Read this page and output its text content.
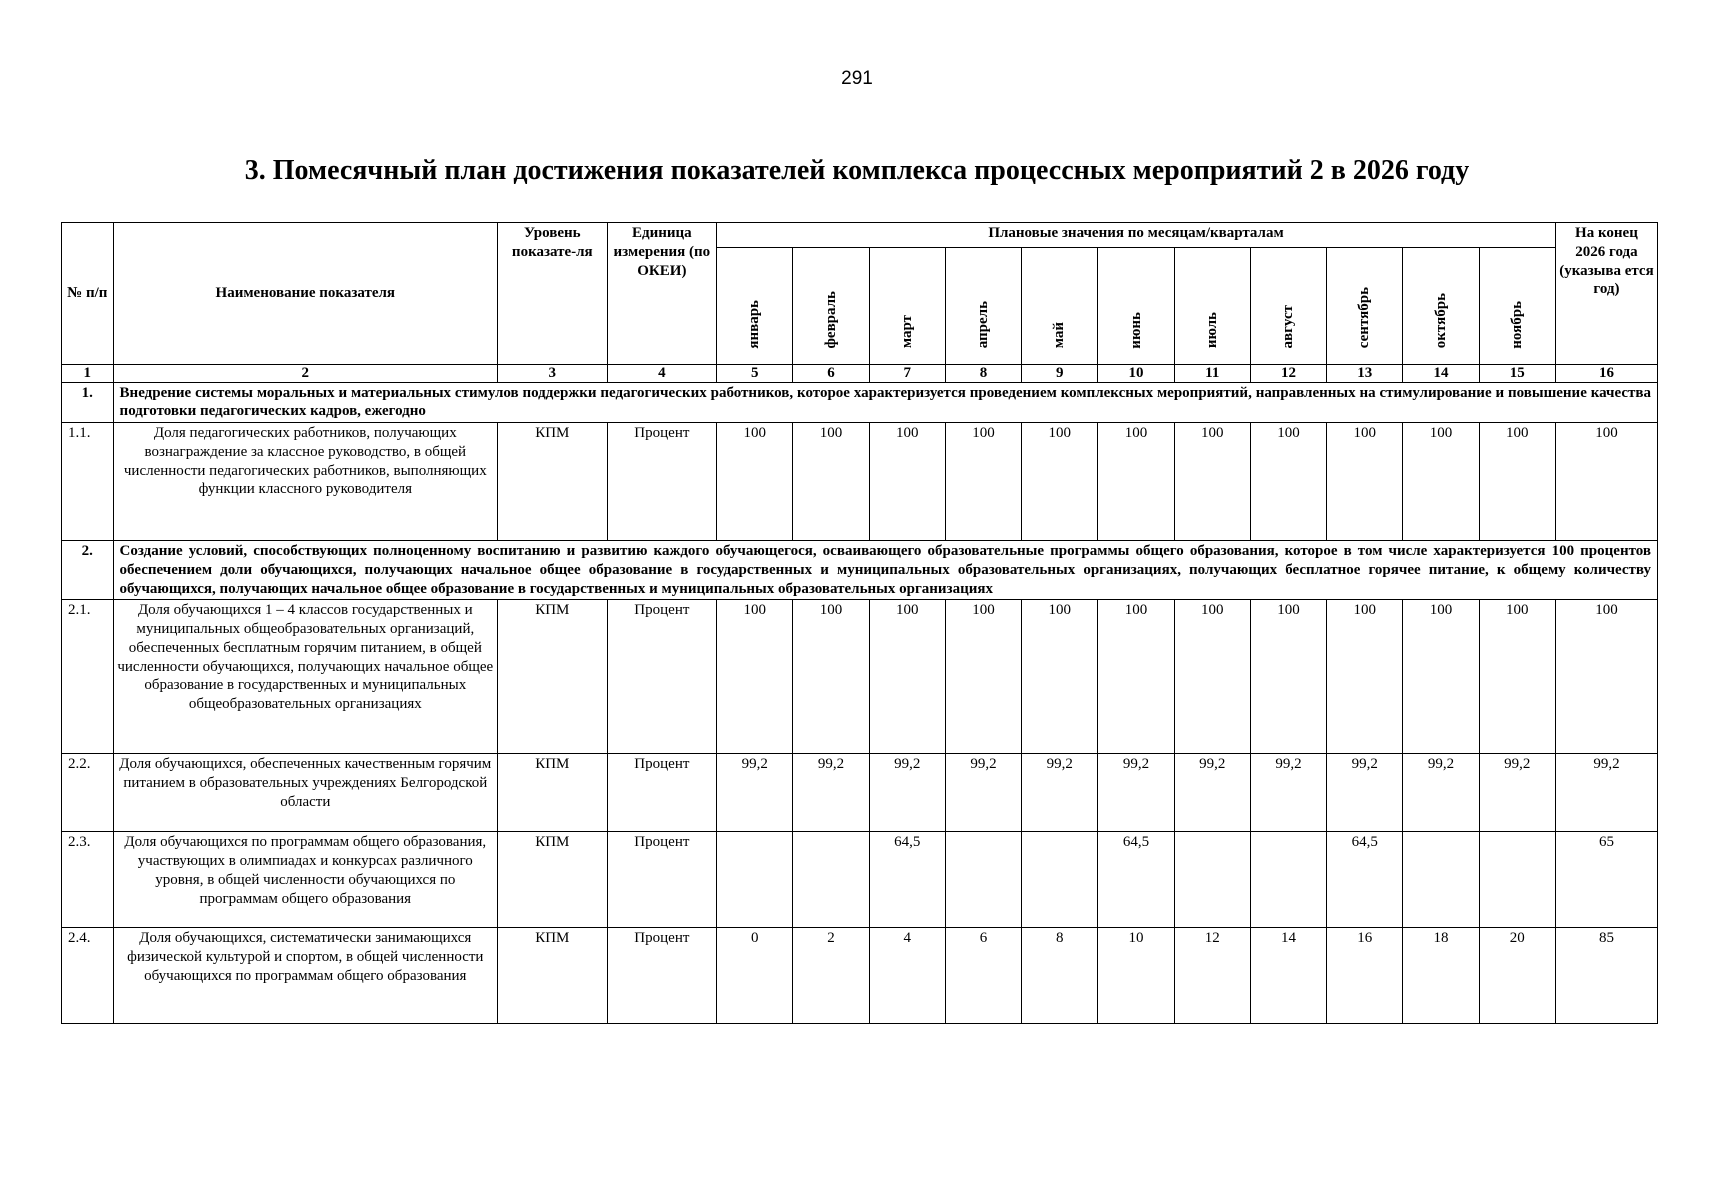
291
3. Помесячный план достижения показателей комплекса процессных мероприятий 2 в 2026 году
№ п/п	Наименование показателя	Уровень показате-ля	Единица измерения (по ОКЕИ)	Плановые значения по месяцам/кварталам											На конец 2026 года (указыва ется год)
				январь	февраль	март	апрель	май	июнь	июль	август	сентябрь	октябрь	ноябрь	
1	2	3	4	5	6	7	8	9	10	11	12	13	14	15	16
1.	Внедрение системы моральных и материальных стимулов поддержки педагогических работников, которое характеризуется проведением комплексных мероприятий, направленных на стимулирование и повышение качества подготовки педагогических кадров, ежегодно														
1.1.	Доля педагогических работников, получающих вознаграждение за классное руководство, в общей численности педагогических работников, выполняющих функции классного руководителя	КПМ	Процент	100	100	100	100	100	100	100	100	100	100	100	100
2.	Создание условий, способствующих полноценному воспитанию и развитию каждого обучающегося, осваивающего образовательные программы общего образования, которое в том числе характеризуется 100 процентов обеспечением доли обучающихся, получающих начальное общее образование в государственных и муниципальных образовательных организациях, получающих бесплатное горячее питание, к общему количеству обучающихся, получающих начальное общее образование в государственных и муниципальных образовательных организациях														
2.1.	Доля обучающихся 1 – 4 классов государственных и муниципальных общеобразовательных организаций, обеспеченных бесплатным горячим питанием, в общей численности обучающихся, получающих начальное общее образование в государственных и муниципальных общеобразовательных организациях	КПМ	Процент	100	100	100	100	100	100	100	100	100	100	100	100
2.2.	Доля обучающихся, обеспеченных качественным горячим питанием в образовательных учреждениях Белгородской области	КПМ	Процент	99,2	99,2	99,2	99,2	99,2	99,2	99,2	99,2	99,2	99,2	99,2	99,2
2.3.	Доля обучающихся по программам общего образования, участвующих в олимпиадах и конкурсах различного уровня, в общей численности обучающихся по программам общего образования	КПМ	Процент			64,5			64,5			64,5			65
2.4.	Доля обучающихся, систематически занимающихся физической культурой и спортом, в общей численности обучающихся по программам общего образования	КПМ	Процент	0	2	4	6	8	10	12	14	16	18	20	85
